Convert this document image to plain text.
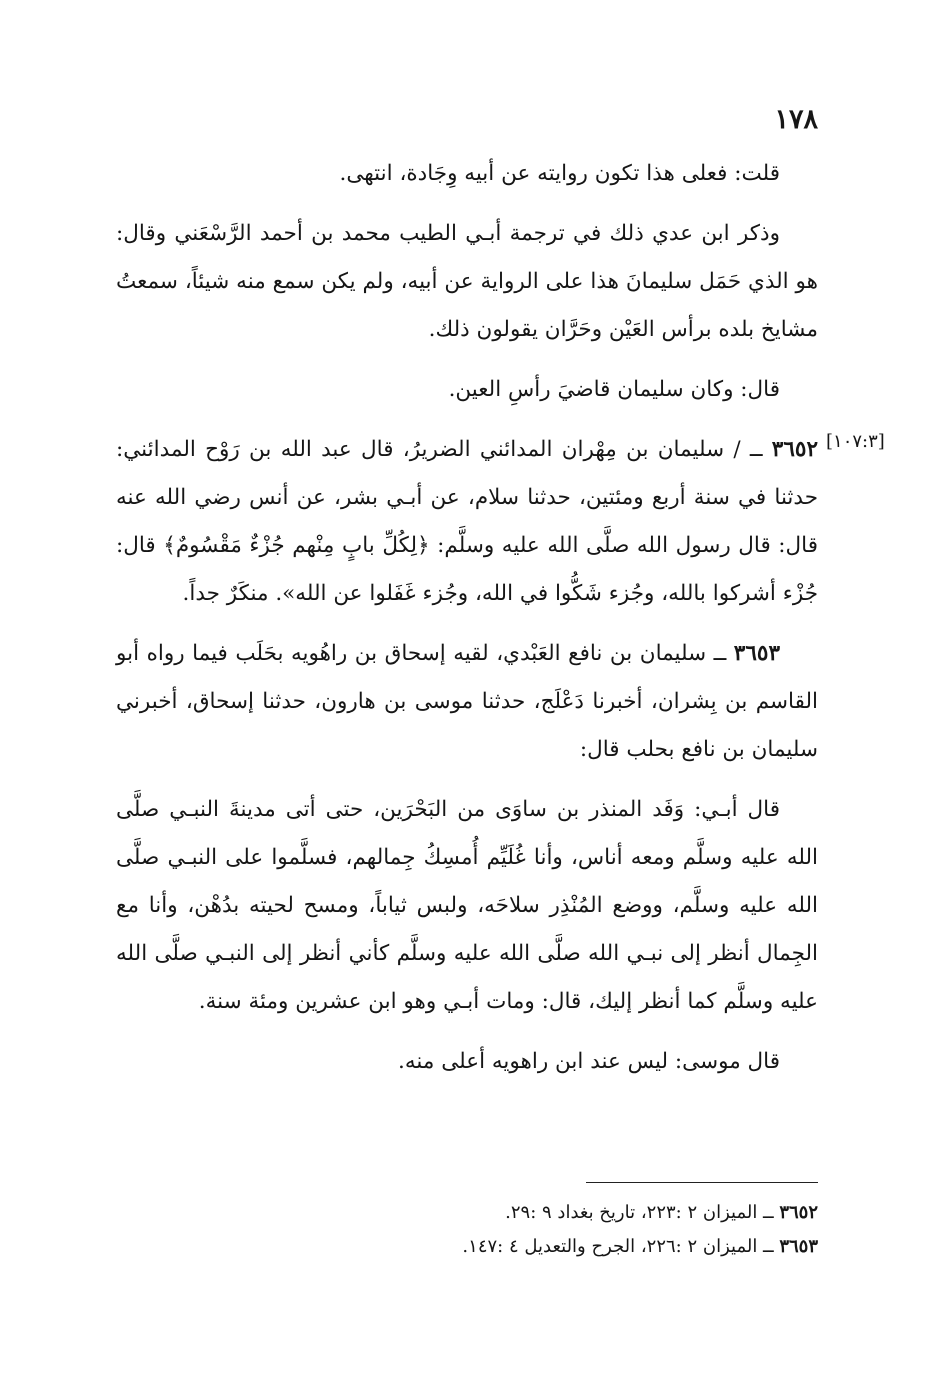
١٧٨
[١٠٧:٣]

قلت: فعلى هذا تكون روايته عن أبيه وِجَادة، انتهى.

وذكر ابن عدي ذلك في ترجمة أبـي الطيب محمد بن أحمد الرَّسْعَني وقال: هو الذي حَمَل سليمانَ هذا على الرواية عن أبيه، ولم يكن سمع منه شيئاً، سمعتُ مشايخ بلده برأس العَيْن وحَرَّان يقولون ذلك.

قال: وكان سليمان قاضيَ رأسِ العين.

٣٦٥٢ ــ / سليمان بن مِهْران المدائني الضريرُ، قال عبد الله بن رَوْح المدائني: حدثنا في سنة أربع ومئتين، حدثنا سلام، عن أبـي بشر، عن أنس رضي الله عنه قال: قال رسول الله صلَّى الله عليه وسلَّم: ﴿لِكُلِّ بابٍ مِنْهم جُزْءٌ مَقْسُومٌ﴾ قال: جُزْء أشركوا بالله، وجُزء شَكُّوا في الله، وجُزء غَفَلوا عن الله». منكَرٌ جداً.

٣٦٥٣ ــ سليمان بن نافع العَبْدي، لقيه إسحاق بن راهُويه بحَلَب فيما رواه أبو القاسم بن بِشران، أخبرنا دَعْلَج، حدثنا موسى بن هارون، حدثنا إسحاق، أخبرني سليمان بن نافع بحلب قال:

قال أبـي: وَفَد المنذر بن ساوَى من البَحْرَين، حتى أتى مدينةَ النبـي صلَّى الله عليه وسلَّم ومعه أناس، وأنا غُلَيِّم أُمسِكُ جِمالهم، فسلَّموا على النبـي صلَّى الله عليه وسلَّم، ووضع المُنْذِر سلاحَه، ولبس ثياباً، ومسح لحيته بدُهْن، وأنا مع الجِمال أنظر إلى نبـي الله صلَّى الله عليه وسلَّم كأني أنظر إلى النبـي صلَّى الله عليه وسلَّم كما أنظر إليك، قال: ومات أبـي وهو ابن عشرين ومئة سنة.

قال موسى: ليس عند ابن راهويه أعلى منه.

٣٦٥٢ ــ الميزان ٢ :٢٢٣، تاريخ بغداد ٩ :٢٩.

٣٦٥٣ ــ الميزان ٢ :٢٢٦، الجرح والتعديل ٤ :١٤٧.
